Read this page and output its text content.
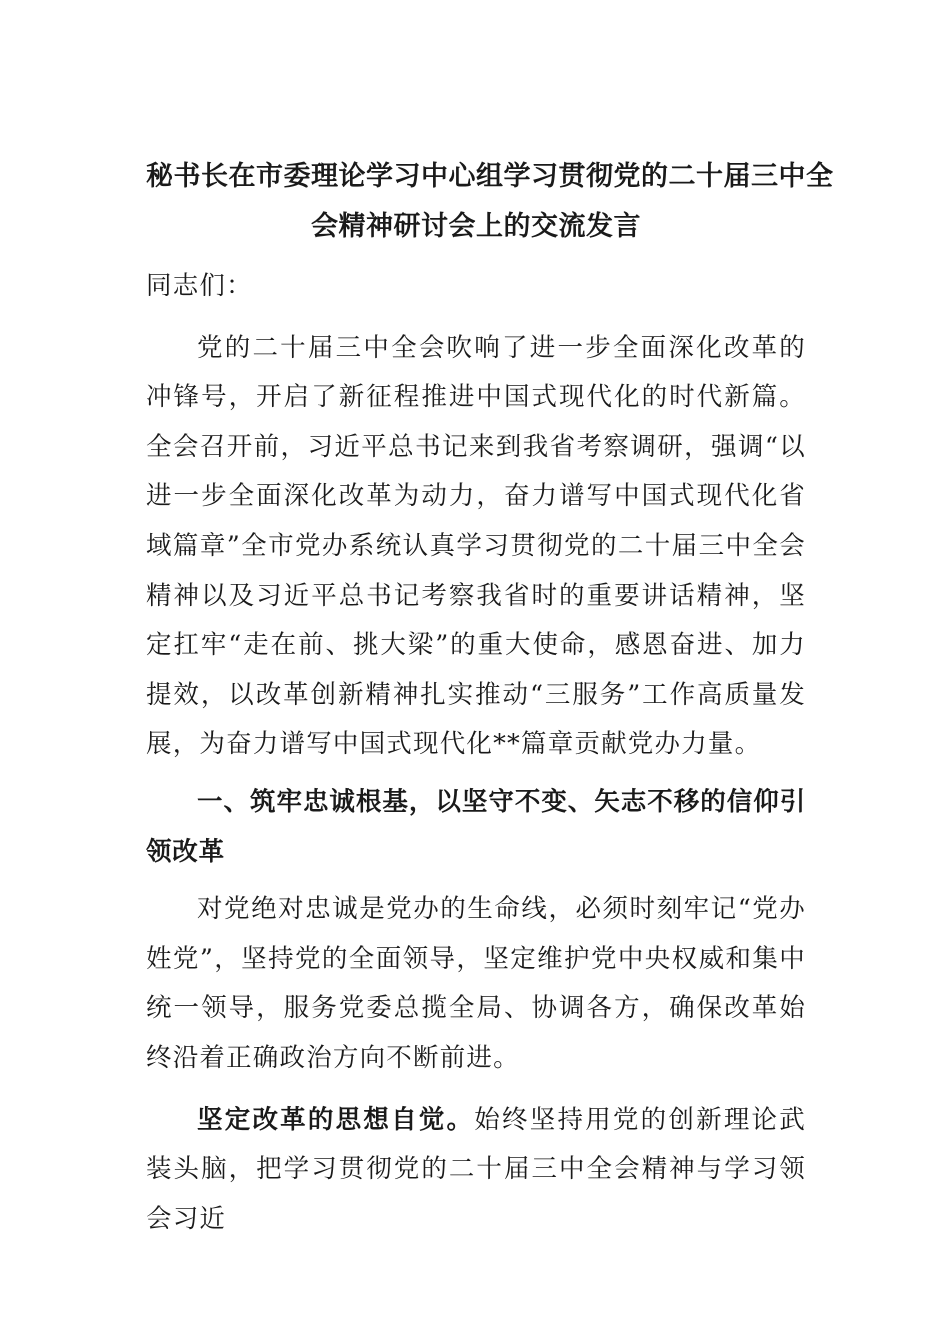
秘书长在市委理论学习中心组学习贯彻党的二十届三中全
会精神研讨会上的交流发言

同志们：

党的二十届三中全会吹响了进一步全面深化改革的冲锋号，开启了新征程推进中国式现代化的时代新篇。全会召开前，习近平总书记来到我省考察调研，强调“以进一步全面深化改革为动力，奋力谱写中国式现代化省域篇章”全市党办系统认真学习贯彻党的二十届三中全会精神以及习近平总书记考察我省时的重要讲话精神，坚定扛牢“走在前、挑大梁”的重大使命，感恩奋进、加力提效，以改革创新精神扎实推动“三服务”工作高质量发展，为奋力谱写中国式现代化**篇章贡献党办力量。

一、筑牢忠诚根基，以坚守不变、矢志不移的信仰引领改革

对党绝对忠诚是党办的生命线，必须时刻牢记“党办姓党”，坚持党的全面领导，坚定维护党中央权威和集中统一领导，服务党委总揽全局、协调各方，确保改革始终沿着正确政治方向不断前进。

坚定改革的思想自觉。始终坚持用党的创新理论武装头脑，把学习贯彻党的二十届三中全会精神与学习领会习近
